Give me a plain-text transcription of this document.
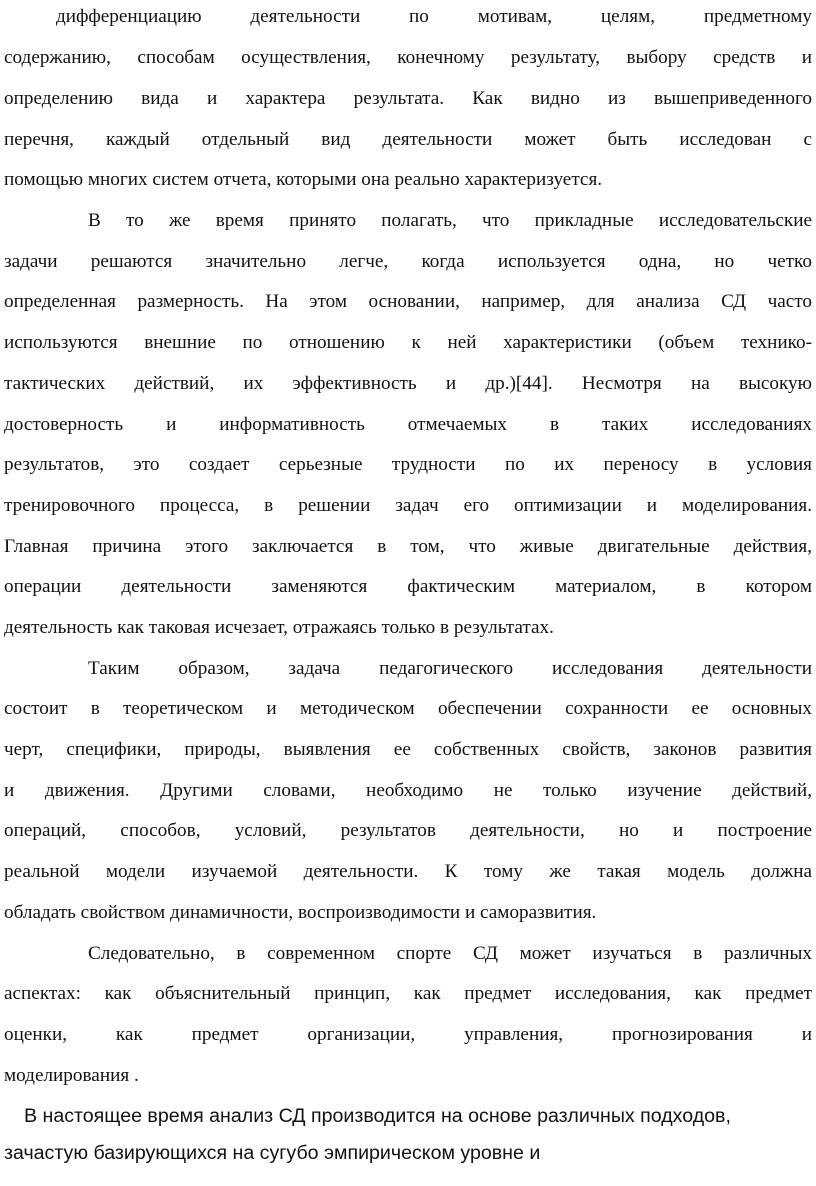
дифференциацию деятельности по мотивам, целям, предметному
содержанию, способам осуществления, конечному результату, выбору средств и
определению вида и характера результата. Как видно из вышеприведенного
перечня, каждый отдельный вид деятельности может быть исследован с
помощью многих систем отчета, которыми она реально характеризуется.
В то же время принято полагать, что прикладные исследовательские
задачи решаются значительно легче, когда используется одна, но четко
определенная размерность. На этом основании, например, для анализа СД часто
используются внешние по отношению к ней характеристики (объем технико-
тактических действий, их эффективность и др.)[44]. Несмотря на высокую
достоверность и информативность отмечаемых в таких исследованиях
результатов, это создает серьезные трудности по их переносу в условия
тренировочного процесса, в решении задач его оптимизации и моделирования.
Главная причина этого заключается в том, что живые двигательные действия,
операции деятельности заменяются фактическим материалом, в котором
деятельность как таковая исчезает, отражаясь только в результатах.
Таким образом, задача педагогического исследования деятельности
состоит в теоретическом и методическом обеспечении сохранности ее основных
черт, специфики, природы, выявления ее собственных свойств, законов развития
и движения. Другими словами, необходимо не только изучение действий,
операций, способов, условий, результатов деятельности, но и построение
реальной модели изучаемой деятельности. К тому же такая модель должна
обладать свойством динамичности, воспроизводимости и саморазвития.
Следовательно, в современном спорте СД может изучаться в различных
аспектах: как объяснительный принцип, как предмет исследования, как предмет
оценки, как предмет организации, управления, прогнозирования и
моделирования .
В настоящее время анализ СД производится на основе различных подходов,
зачастую базирующихся на сугубо эмпирическом уровне и
